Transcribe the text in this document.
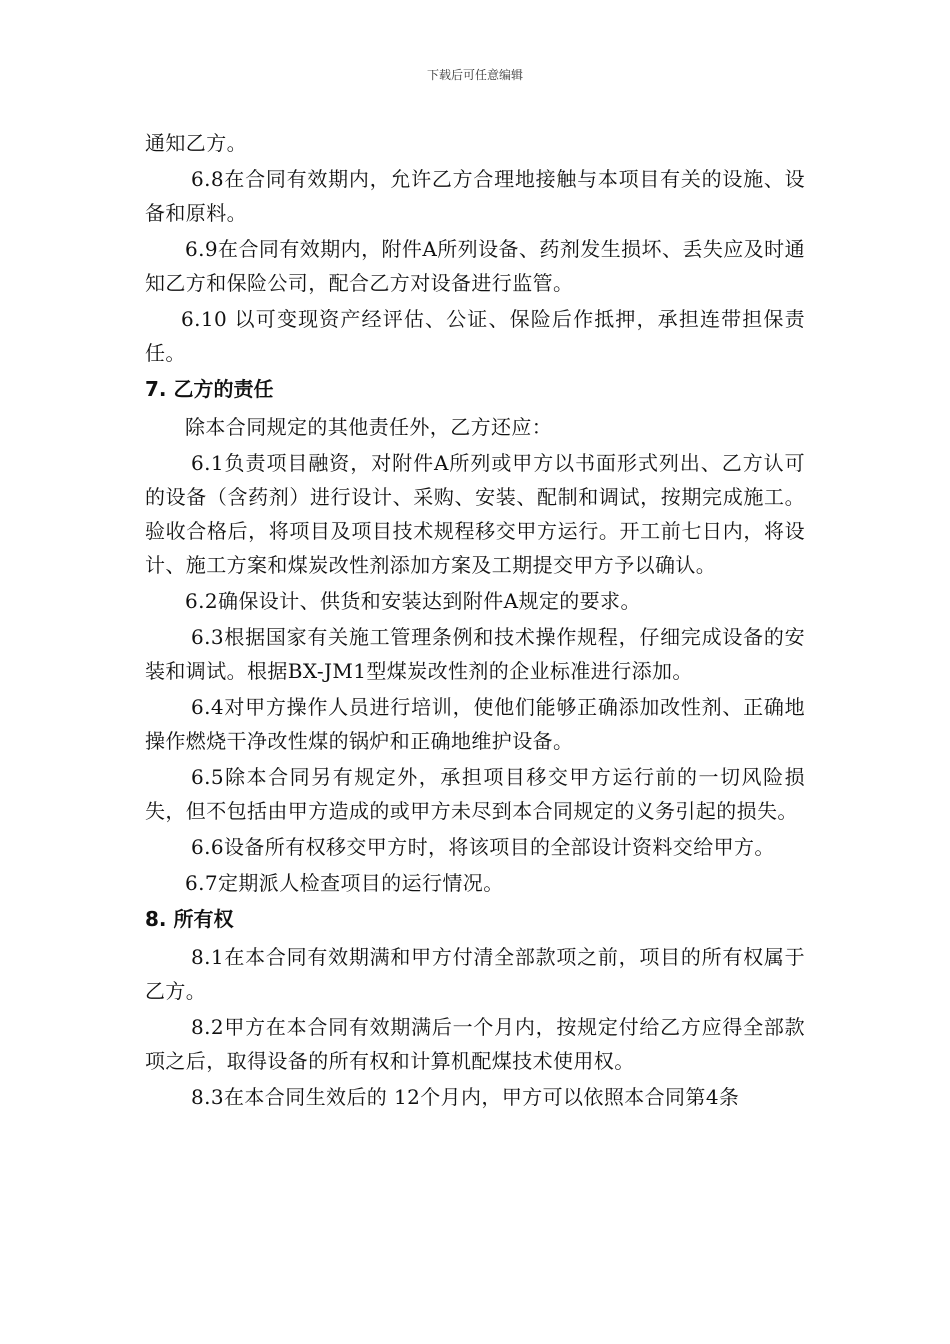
下载后可任意编辑

通知乙方。

6.8在合同有效期内，允许乙方合理地接触与本项目有关的设施、设备和原料。

6.9在合同有效期内，附件A所列设备、药剂发生损坏、丢失应及时通知乙方和保险公司，配合乙方对设备进行监管。

6.10 以可变现资产经评估、公证、保险后作抵押，承担连带担保责任。

7. 乙方的责任

除本合同规定的其他责任外，乙方还应：

6.1负责项目融资，对附件A所列或甲方以书面形式列出、乙方认可的设备（含药剂）进行设计、采购、安装、配制和调试，按期完成施工。验收合格后，将项目及项目技术规程移交甲方运行。开工前七日内，将设计、施工方案和煤炭改性剂添加方案及工期提交甲方予以确认。

6.2确保设计、供货和安装达到附件A规定的要求。

6.3根据国家有关施工管理条例和技术操作规程，仔细完成设备的安装和调试。根据BX-JM1型煤炭改性剂的企业标准进行添加。

6.4对甲方操作人员进行培训，使他们能够正确添加改性剂、正确地操作燃烧干净改性煤的锅炉和正确地维护设备。

6.5除本合同另有规定外，承担项目移交甲方运行前的一切风险损失，但不包括由甲方造成的或甲方未尽到本合同规定的义务引起的损失。

6.6设备所有权移交甲方时，将该项目的全部设计资料交给甲方。

6.7定期派人检查项目的运行情况。

8. 所有权

8.1在本合同有效期满和甲方付清全部款项之前，项目的所有权属于乙方。

8.2甲方在本合同有效期满后一个月内，按规定付给乙方应得全部款项之后，取得设备的所有权和计算机配煤技术使用权。

8.3在本合同生效后的 12个月内，甲方可以依照本合同第4条
